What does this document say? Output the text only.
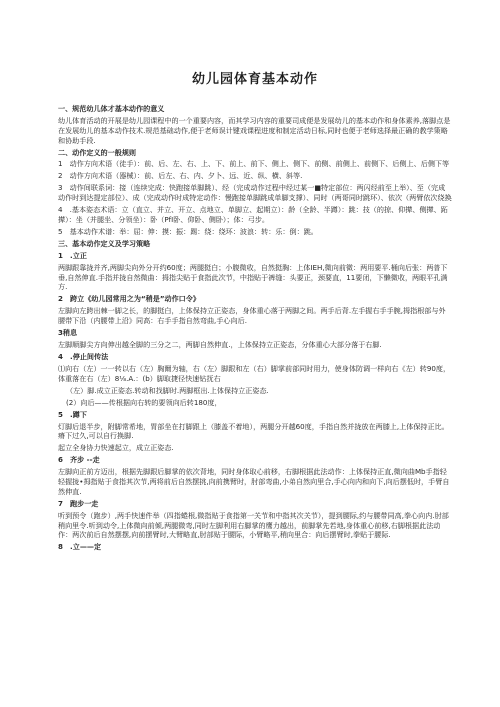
幼儿园体育基本动作
一、规范幼儿体才基本动作的意义
幼儿体育活动的开展是幼儿园课程中的一个重要内容，而其学习内容的重要司成便是发展幼儿的基本动作和身体素养,落脚点是在发展幼儿的基本动作技术.规范基础动作,便于老师误计键戏课程进度和制定活动日标,同时也便于老师选择最正确的教学策略和协助手段.
二、动作定义的一般规则
1　动作方向术语（徒手）：前、后、左、右、上、下、前上、前下、侧上、侧下、前侧、前侧上、前侧下、后侧上、后侧下等
2　动作方向术语（器械）：前、后左、右、内、夕卜、远、近、纵、横、斜等.
3　动作间联系词：接（连续完成：快跑接单脚跳）、经（完成动作过程中经过某一■特定部位：两闪经前至上举）、至（完成动作时到达提定部位）、成（完成动作时成特定动作：慢跑接单脚跳成单脚支撑）、同时（两哥同时跳环）、依次（两臂依次绕换
4　.基本姿态术语：立（直立、并立、开立、点地立、单脚立、起期立）：龄（全龄、半蹲）：跳：技（的掠、仰撵、侧撵、跖撵）：坐（并腿坐、分领坐）：卧（PfI卧、仰卧、侧卧）；体：弓步。
5　基本动作术谱：举：屈：伸：摸：振：踢：绕：绕环：波浪：转：乐：倒：跳。
三、基本动作定义及学习策略
1　.立正
两脚跟靠拢并齐,两脚尖向外分开约60度；两腿挺白；小腹微收，自然挺胸：上体IEH,微向前微：两用要平.桶向后张：两普下垂,自然伸直.手指并拢自然微曲：拇指尖贴于食指此次节，中指贴于裤缝：头要正，颈要直，11要闭，下懒微收，两眼平孔满方.
2　跨立《幼儿园常用之为“稍是”动作口令》
左脚向左跨出棘一脚之长，的脚挺白，上体保持立正姿态，身体重心落于两脚之间。两手后背.左手握右手手腕,拇指根部与外腰带下沿（内腰带上沿》同高：右手手指自然弯曲,手心向后.
3稍息
左脚顺脚尖方向伸出越全脚的三分之二，两脚自然伸直.，上体保持立正姿态，分体重心大部分落于右脚.
4　.停止间传法
⑴向右（左）一一转以右（左）胸爾为轴，右（左）脚跟和左（右）脚掌前部同时用力，使身体防调一样向右《左）转90度，体重落在右（左）8⅛.A.：(b）脚取捷径快速钻抚右
（左）脚.成立正姿态.转动和找脚时.两脚框出.上体保持立正姿态.
(2）向后——传根据向右转的要领向后转180度，
5　.蹲下
灯脚后退半步，附脚常希地，胃部坐在打脚跟上（膝盖不着地），两腿分开越60度，手指自然并拢放在两膝上,上体保持正比。瘠下过久,可以自行换脚.
起立全身协力快速起立，成立正姿态.
6　齐步 --走
左脚向正前方迈出，根据先脚跟后脚掌的依次背地，同时身体取心前移，右脚根据此法动作：上体保持正直,微向曲Mb手指轻轻握拢•拇指贴于食指其次节,两将前后自然摆挑,向前携臂时，肘部弯曲,小弟自然向里合,手心向内和向下,向后摆低时，手臂自然伸直.
7　跑步一走
听到预令（跑步）,两手快速件举（四指蜷根,微指贴于食指第一关节和中指其次关节），提到腰际,约与腰带同高,拳心向内.肘部稍向里令.听到动令,上体微向前倾,两腿微弯,同时左脚利用右脚掌的鹰力越出，前脚掌先若地,身体重心前移,右脚根据此法动作：两次前后自然摆摆,向前摆臂时,大臂略直,肘部贴于腰际，小臂略平,稍向里合：向后摆臂时,拳贴于腰际.
8　.立——定
